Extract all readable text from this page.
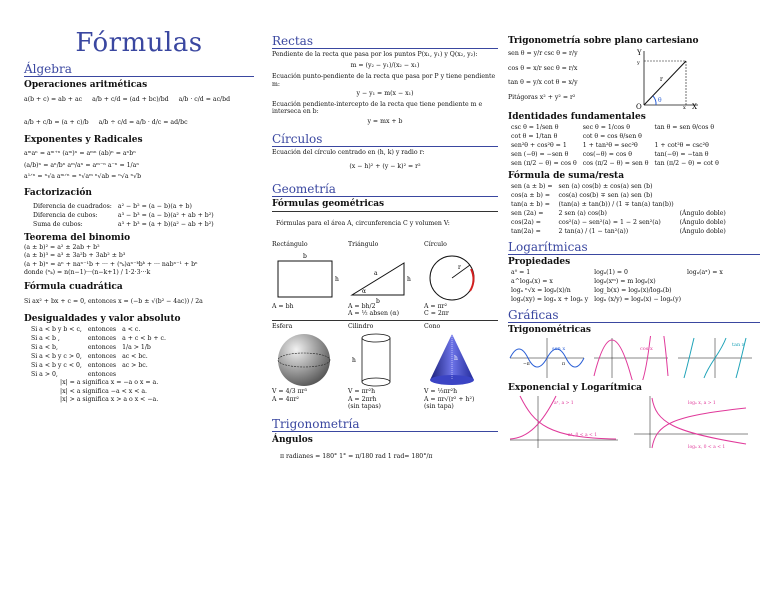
Fórmulas
Álgebra
Operaciones aritméticas
a(b + c) = ab + ac a/b + c/d = (ad + bc)/bd a/b · c/d = ac/bd
a/b + c/b = (a + c)/b a/b ÷ c/d = a/b · d/c = ad/bc
Exponentes y Radicales
aᵐaⁿ = aᵐ⁺ⁿ (aᵐ)ⁿ = aᵐⁿ (ab)ⁿ = aⁿbⁿ
(a/b)ⁿ = aⁿ/bⁿ aᵐ/aⁿ = aᵐ⁻ⁿ a⁻ⁿ = 1/aⁿ
a¹ᐟⁿ = ⁿ√a aᵐᐟⁿ = ⁿ√aᵐ ⁿ√ab = ⁿ√a ⁿ√b
Factorización
Diferencia de cuadrados:	a² − b² = (a − b)(a + b)
Diferencia de cubos:	a³ − b³ = (a − b)(a² + ab + b²)
Suma de cubos:	a³ + b³ = (a + b)(a² − ab + b²)
Teorema del binomio
(a ± b)² = a² ± 2ab + b²
(a ± b)³ = a³ ± 3a²b + 3ab² ± b³
(a + b)ⁿ = aⁿ + naⁿ⁻¹b + ··· + (ⁿₖ)aⁿ⁻ᵏbᵏ + ··· nabⁿ⁻¹ + bⁿ
donde (ⁿₖ) = n(n−1)···(n−k+1) / 1·2·3···k
Fórmula cuadrática
Si ax² + bx + c = 0, entonces x = (−b ± √(b² − 4ac)) / 2a
Desigualdades y valor absoluto
Si a < b y b < c,	entonces	a < c.
Si a < b ,	entonces	a + c < b + c.
Si a < b,	entonces	1/a > 1/b
Si a < b y c > 0,	entonces	ac < bc.
Si a < b y c < 0,	entonces	ac > bc.
Si a > 0,	entonces	
|x| = a significa x = −a o x = a.
|x| < a significa −a < x < a.
|x| > a significa x > a o x < −a.
Rectas
Pendiente de la recta que pasa por los puntos P(x₁, y₁) y Q(x₂, y₂):
m = (y₂ − y₁)/(x₂ − x₁)
Ecuación punto-pendiente de la recta que pasa por P y tiene pendiente m:
y − y₁ = m(x − x₁)
Ecuación pendiente-intercepto de la recta que tiene pendiente m e interseca en b:
y = mx + b
Círculos
Ecuación del círculo centrado en (h, k) y radio r:
(x − h)² + (y − k)² = r²
Geometría
Fórmulas geométricas
Fórmulas para el área A, circunferencia C y volumen V:
Rectángulo
b
h
A = bh
Triángulo
b
h
a
α
A = bh/2
A = ½ absen (α)
Círculo
r
A = πr²
C = 2πr
Esfera
V = 4/3 πr³
A = 4πr²
Cilindro
h
V = πr²h
A = 2πrh
(sin tapas)
Cono
h
V = ⅓πr²h
A = πr√(r² + h²)
(sin tapa)
Trigonometría
Ángulos
π radianes = 180° 1° = π/180 rad 1 rad= 180°/π
Trigonometría sobre plano cartesiano
sen θ = y/r csc θ = r/y
cos θ = x/r sec θ = r/x
tan θ = y/x cot θ = x/y
Pitágoras x² + y² = r²
Y
X
O
r
θ
x
y
Identidades fundamentales
csc θ = 1/sen θ	sec θ = 1/cos θ	tan θ = sen θ/cos θ
cot θ = 1/tan θ	cot θ = cos θ/sen θ	
sen²θ + cos²θ = 1	1 + tan²θ = sec²θ	1 + cot²θ = csc²θ
sen (−θ) = −sen θ	cos(−θ) = cos θ	tan(−θ) = −tan θ
sen (π/2 − θ) = cos θ	cos (π/2 − θ) = sen θ	tan (π/2 − θ) = cot θ
Fórmula de suma/resta
sen (a ± b) =	sen (a) cos(b) ± cos(a) sen (b)	
cos(a ± b) =	cos(a) cos(b) ∓ sen (a) sen (b)	
tan(a ± b) =	(tan(a) ± tan(b)) / (1 ∓ tan(a) tan(b))	
sen (2a) =	2 sen (a) cos(b)	(Ángulo doble)
cos(2a) =	cos²(a) − sen²(a) = 1 − 2 sen²(a)	(Ángulo doble)
tan(2a) =	2 tan(a) / (1 − tan²(a))	(Ángulo doble)
Logarítmicas
Propiedades
a⁰ = 1	logₐ(1) = 0	logₐ(aˣ) = x
a^logₐ(x) = x	logₐ(xᵐ) = m logₐ(x)	
logₐ ⁿ√x = logₐ(x)/n	log_b(x) = logₐ(x)/logₐ(b)	
logₐ(xy) = logₐ x + logₐ y	logₐ (x/y) = logₐ(x) − logₐ(y)	
Gráficas
Trigonométricas
sen x
π
−π
cos x
tan x
Exponencial y Logarítmica
aˣ, a > 1
aˣ, 0 < a < 1
logₐ x, a > 1
logₐ x, 0 < a < 1
